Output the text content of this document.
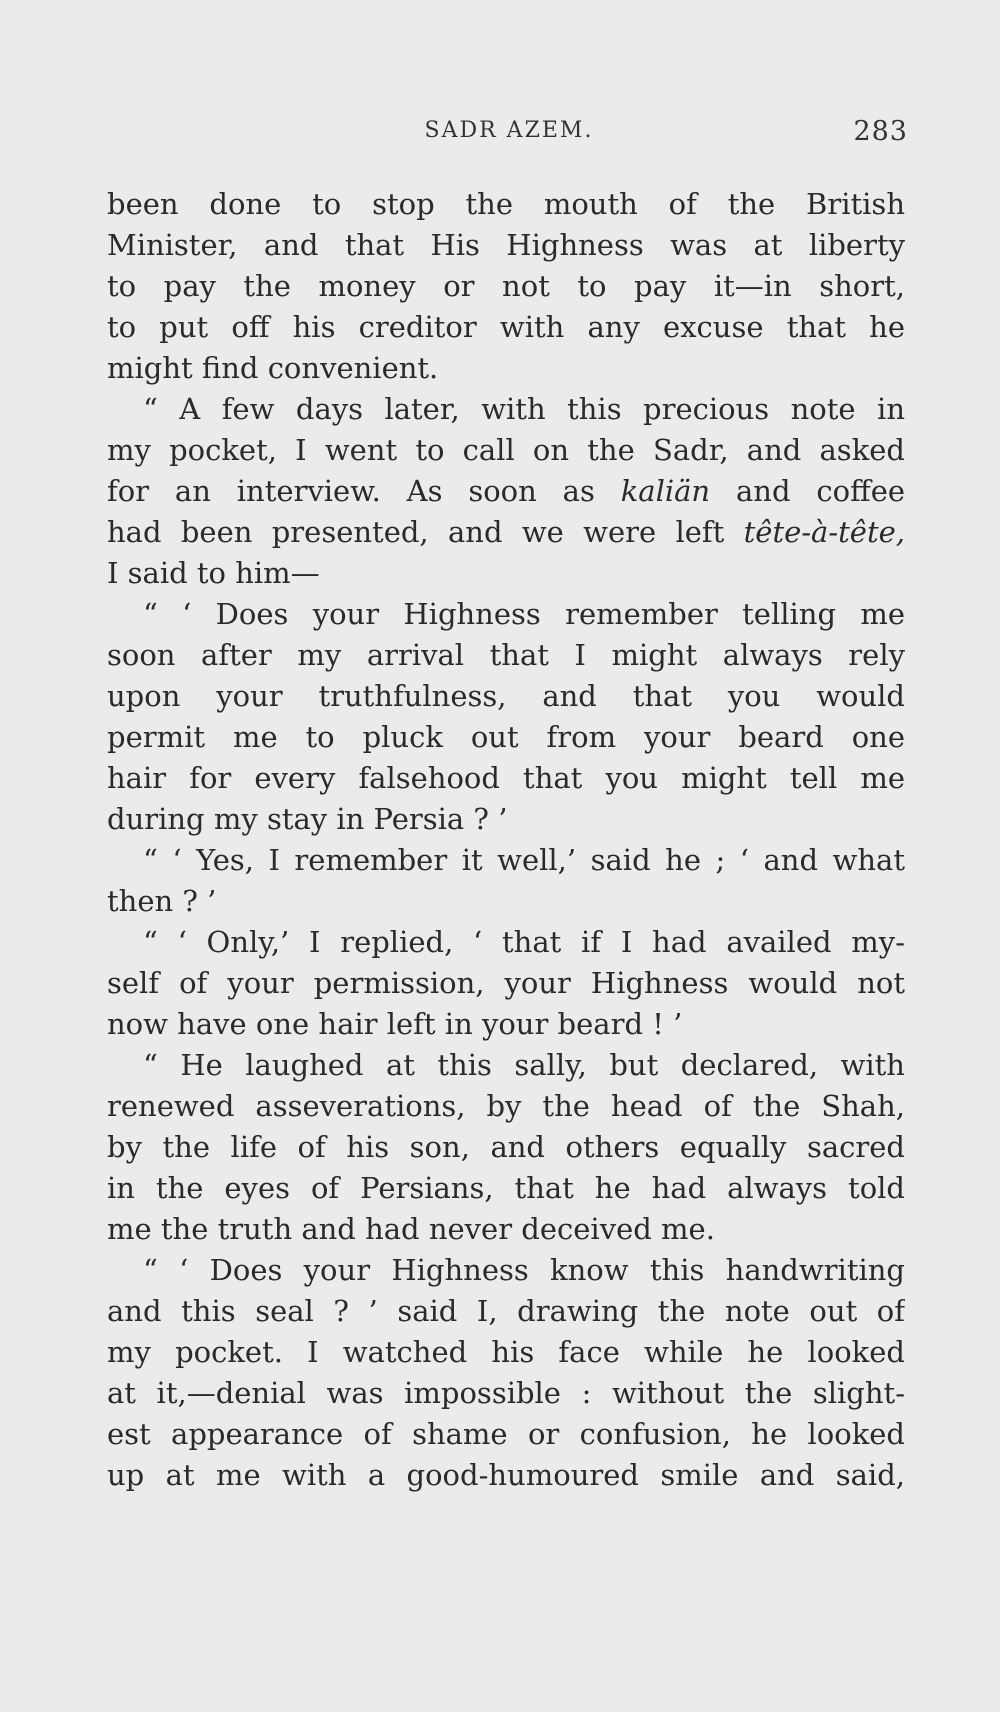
SADR AZEM.	283
been done to stop the mouth of the British
Minister, and that His Highness was at liberty
to pay the money or not to pay it—in short,
to put off his creditor with any excuse that he
might find convenient.
“ A few days later, with this precious note in
my pocket, I went to call on the Sadr, and asked
for an interview. As soon as kaliän and coffee
had been presented, and we were left tête-à-tête,
I said to him—
“ ‘ Does your Highness remember telling me
soon after my arrival that I might always rely
upon your truthfulness, and that you would
permit me to pluck out from your beard one
hair for every falsehood that you might tell me
during my stay in Persia ? ’
“ ‘ Yes, I remember it well,’ said he ; ‘ and what
then ? ’
“ ‘ Only,’ I replied, ‘ that if I had availed my-
self of your permission, your Highness would not
now have one hair left in your beard ! ’
“ He laughed at this sally, but declared, with
renewed asseverations, by the head of the Shah,
by the life of his son, and others equally sacred
in the eyes of Persians, that he had always told
me the truth and had never deceived me.
“ ‘ Does your Highness know this handwriting
and this seal ? ’ said I, drawing the note out of
my pocket. I watched his face while he looked
at it,—denial was impossible : without the slight-
est appearance of shame or confusion, he looked
up at me with a good-humoured smile and said,
